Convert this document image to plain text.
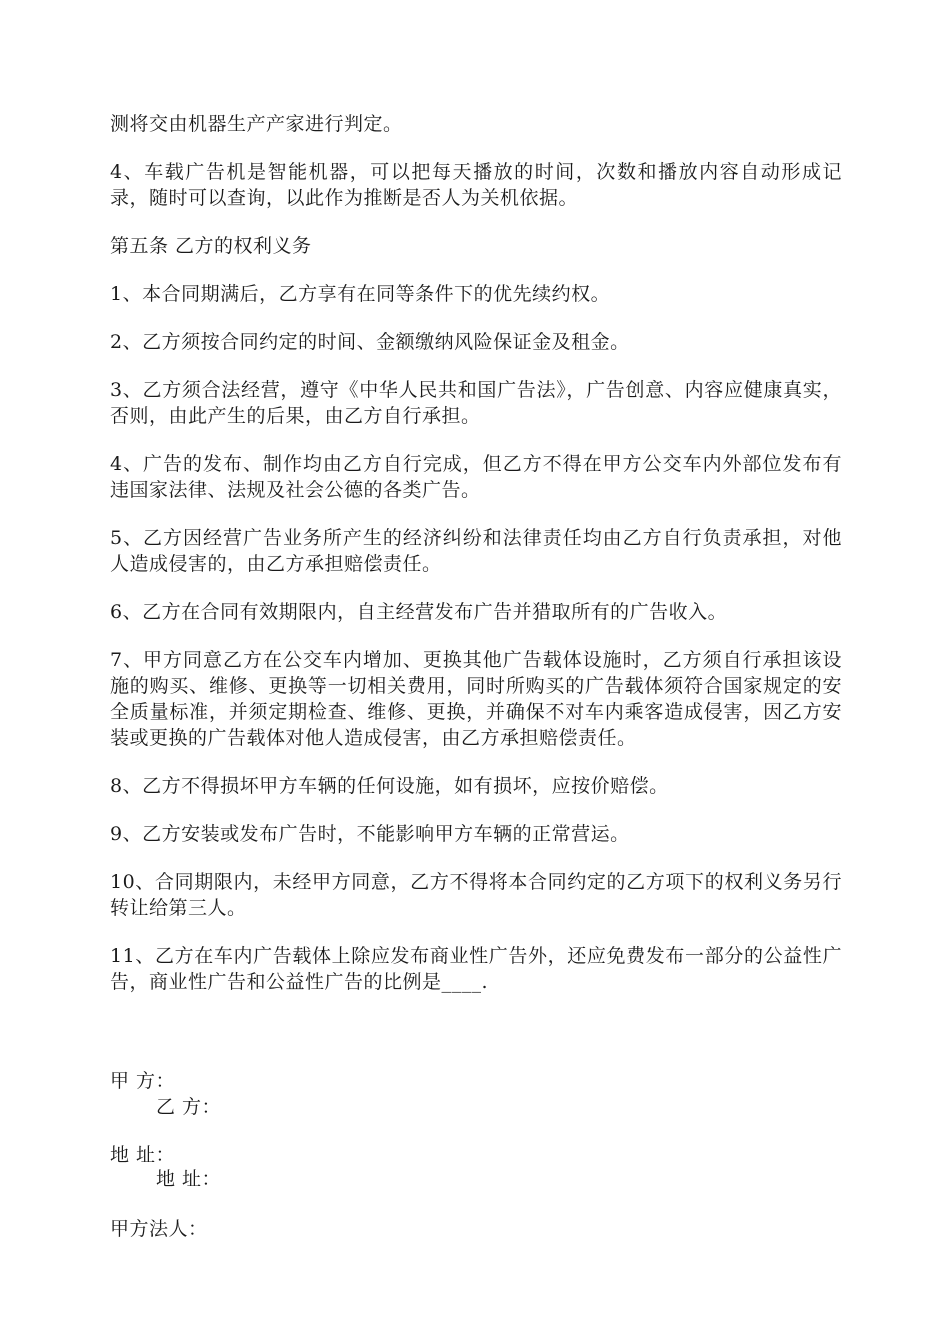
测将交由机器生产产家进行判定。

4、车载广告机是智能机器，可以把每天播放的时间，次数和播放内容自动形成记录，随时可以查询，以此作为推断是否人为关机依据。

第五条 乙方的权利义务

1、本合同期满后，乙方享有在同等条件下的优先续约权。

2、乙方须按合同约定的时间、金额缴纳风险保证金及租金。

3、乙方须合法经营，遵守《中华人民共和国广告法》，广告创意、内容应健康真实，否则，由此产生的后果，由乙方自行承担。

4、广告的发布、制作均由乙方自行完成，但乙方不得在甲方公交车内外部位发布有违国家法律、法规及社会公德的各类广告。

5、乙方因经营广告业务所产生的经济纠纷和法律责任均由乙方自行负责承担，对他人造成侵害的，由乙方承担赔偿责任。

6、乙方在合同有效期限内，自主经营发布广告并猎取所有的广告收入。

7、甲方同意乙方在公交车内增加、更换其他广告载体设施时，乙方须自行承担该设施的购买、维修、更换等一切相关费用，同时所购买的广告载体须符合国家规定的安全质量标准，并须定期检查、维修、更换，并确保不对车内乘客造成侵害，因乙方安装或更换的广告载体对他人造成侵害，由乙方承担赔偿责任。

8、乙方不得损坏甲方车辆的任何设施，如有损坏，应按价赔偿。

9、乙方安装或发布广告时，不能影响甲方车辆的正常营运。

10、合同期限内，未经甲方同意，乙方不得将本合同约定的乙方项下的权利义务另行转让给第三人。

11、乙方在车内广告载体上除应发布商业性广告外，还应免费发布一部分的公益性广告，商业性广告和公益性广告的比例是____.

甲 方：
乙 方：
地 址：
地 址：
甲方法人：
